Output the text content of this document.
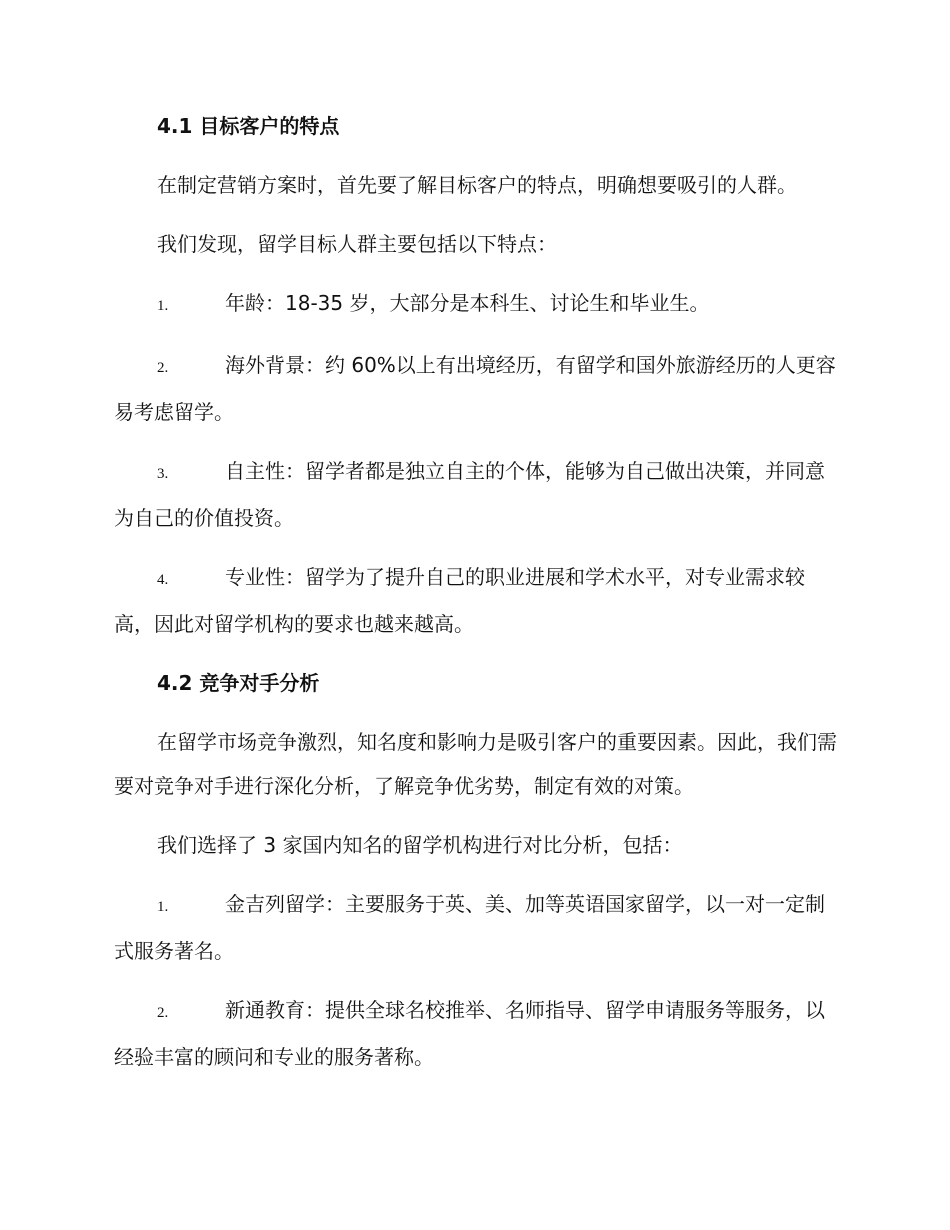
4.1 目标客户的特点
在制定营销方案时，首先要了解目标客户的特点，明确想要吸引的人群。
我们发现，留学目标人群主要包括以下特点：
1.	年龄：18-35 岁，大部分是本科生、讨论生和毕业生。
2.	海外背景：约 60%以上有出境经历，有留学和国外旅游经历的人更容易考虑留学。
3.	自主性：留学者都是独立自主的个体，能够为自己做出决策，并同意为自己的价值投资。
4.	专业性：留学为了提升自己的职业进展和学术水平，对专业需求较高，因此对留学机构的要求也越来越高。
4.2 竞争对手分析
在留学市场竞争激烈，知名度和影响力是吸引客户的重要因素。因此，我们需要对竞争对手进行深化分析，了解竞争优劣势，制定有效的对策。
我们选择了 3 家国内知名的留学机构进行对比分析，包括：
1.	金吉列留学：主要服务于英、美、加等英语国家留学，以一对一定制式服务著名。
2.	新通教育：提供全球名校推举、名师指导、留学申请服务等服务，以经验丰富的顾问和专业的服务著称。
